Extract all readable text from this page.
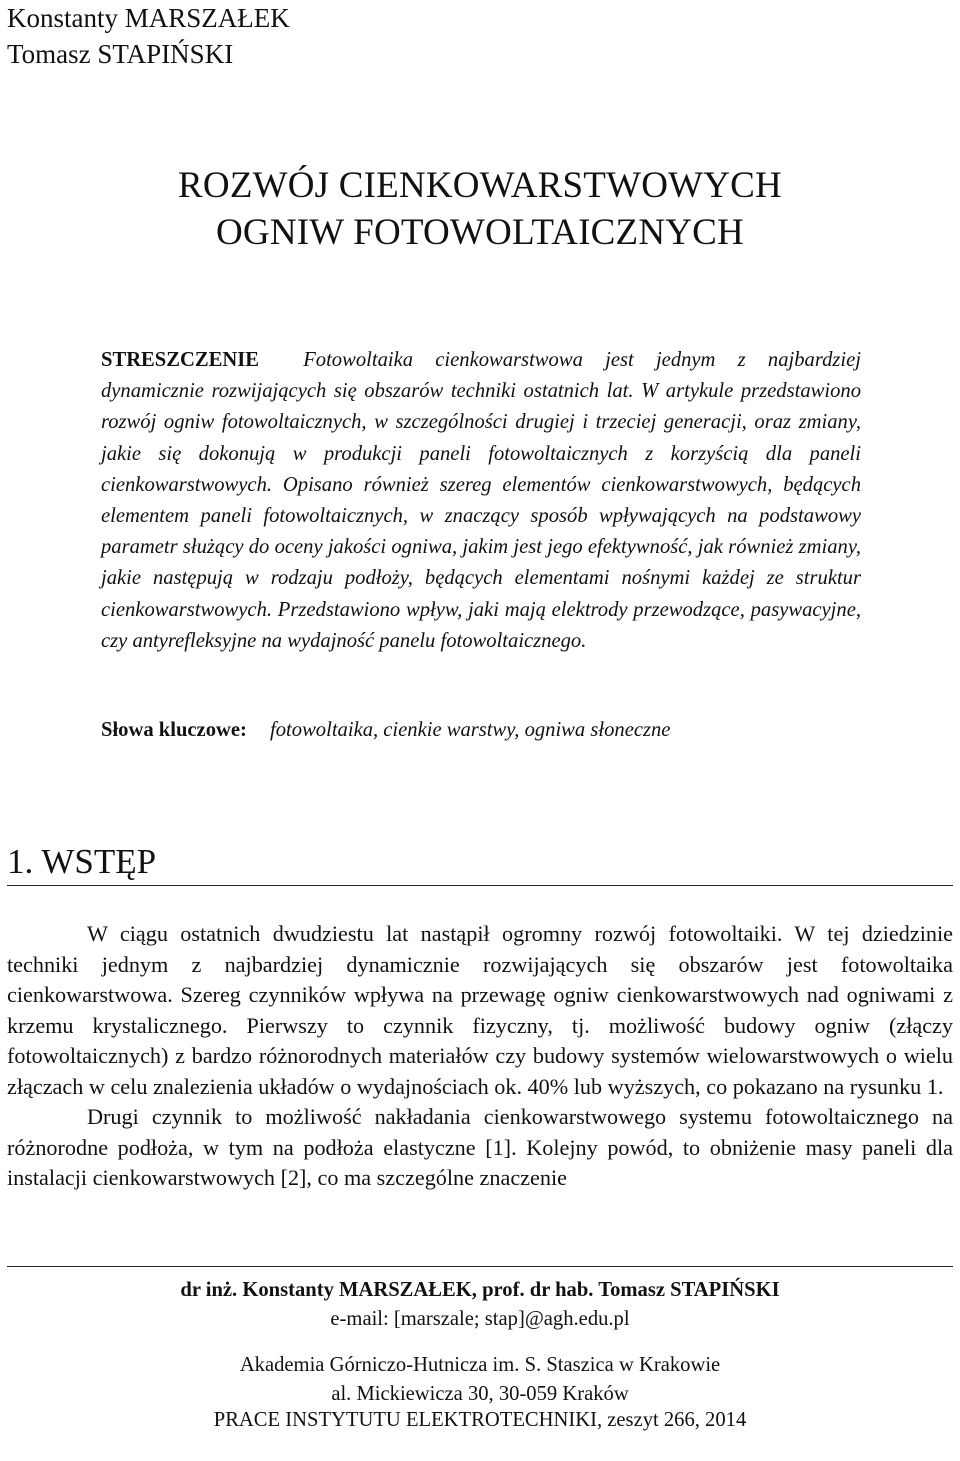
Konstanty MARSZAŁEK
Tomasz STAPIŃSKI
ROZWÓJ CIENKOWARSTWOWYCH
OGNIW FOTOWOLTAICZNYCH
STRESZCZENIE Fotowoltaika cienkowarstwowa jest jednym z najbardziej dynamicznie rozwijających się obszarów techniki ostatnich lat. W artykule przedstawiono rozwój ogniw fotowoltaicznych, w szczególności drugiej i trzeciej generacji, oraz zmiany, jakie się dokonują w produkcji paneli fotowoltaicznych z korzyścią dla paneli cienkowarstwowych. Opisano również szereg elementów cienkowarstwowych, będących elementem paneli fotowoltaicznych, w znaczący sposób wpływających na podstawowy parametr służący do oceny jakości ogniwa, jakim jest jego efektywność, jak również zmiany, jakie następują w rodzaju podłoży, będących elementami nośnymi każdej ze struktur cienkowarstwowych. Przedstawiono wpływ, jaki mają elektrody przewodzące, pasywacyjne, czy antyrefleksyjne na wydajność panelu fotowoltaicznego.
Słowa kluczowe: fotowoltaika, cienkie warstwy, ogniwa słoneczne
1. WSTĘP

W ciągu ostatnich dwudziestu lat nastąpił ogromny rozwój fotowoltaiki. W tej dziedzinie techniki jednym z najbardziej dynamicznie rozwijających się obszarów jest fotowoltaika cienkowarstwowa. Szereg czynników wpływa na przewagę ogniw cienkowarstwowych nad ogniwami z krzemu krystalicznego. Pierwszy to czynnik fizyczny, tj. możliwość budowy ogniw (złączy fotowoltaicznych) z bardzo różnorodnych materiałów czy budowy systemów wielowarstwowych o wielu złączach w celu znalezienia układów o wydajnościach ok. 40% lub wyższych, co pokazano na rysunku 1.

Drugi czynnik to możliwość nakładania cienkowarstwowego systemu fotowoltaicznego na różnorodne podłoża, w tym na podłoża elastyczne [1]. Kolejny powód, to obniżenie masy paneli dla instalacji cienkowarstwowych [2], co ma szczególne znaczenie

dr inż. Konstanty MARSZAŁEK, prof. dr hab. Tomasz STAPIŃSKI
e-mail: [marszale; stap]@agh.edu.pl
Akademia Górniczo-Hutnicza im. S. Staszica w Krakowie
al. Mickiewicza 30, 30-059 Kraków
PRACE INSTYTUTU ELEKTROTECHNIKI, zeszyt 266, 2014
